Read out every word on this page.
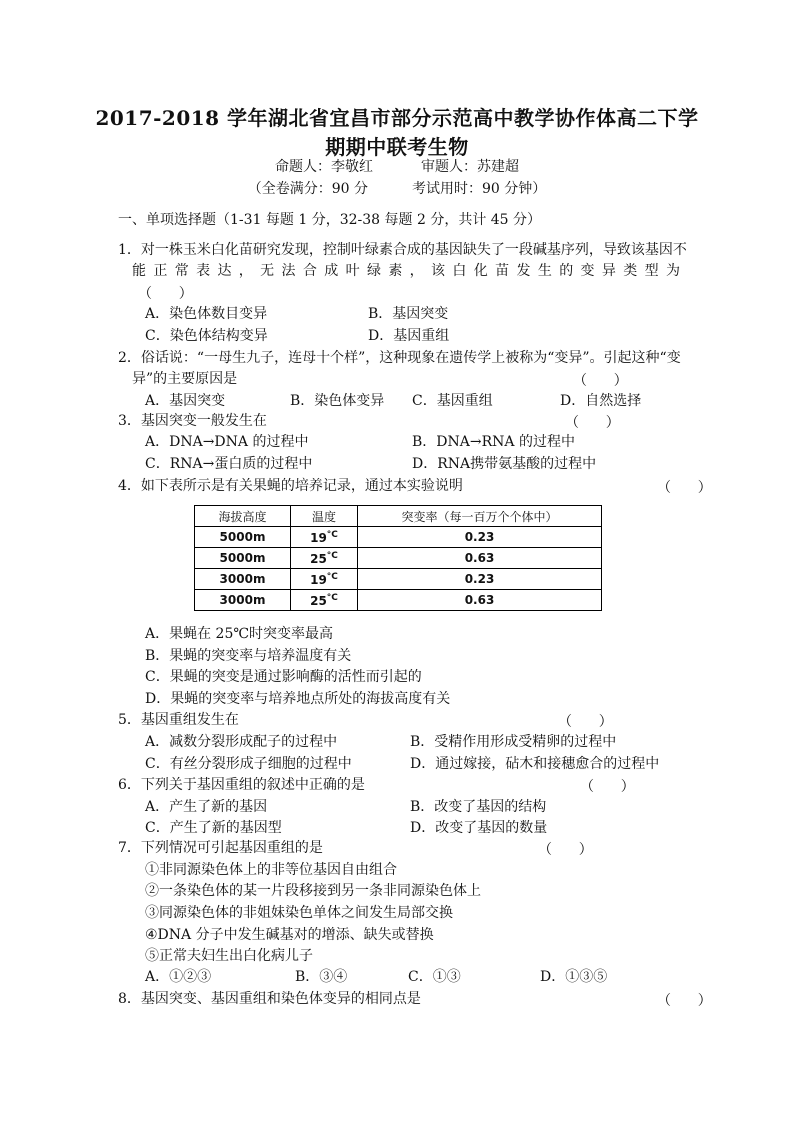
2017-2018 学年湖北省宜昌市部分示范高中教学协作体高二下学
期期中联考生物
命题人：李敬红	审题人：苏建超
（全卷满分：90 分	考试用时：90 分钟）
一、单项选择题（1-31 每题 1 分，32-38 每题 2 分，共计 45 分）
1．对一株玉米白化苗研究发现，控制叶绿素合成的基因缺失了一段碱基序列，导致该基因不
能正常表达，无法合成叶绿素，该白化苗发生的变异类型为
（      ）
A．染色体数目变异	B．基因突变
C．染色体结构变异	D．基因重组
2．俗话说：“一母生九子，连母十个样”，这种现象在遗传学上被称为“变异”。引起这种“变
异”的主要原因是	（      ）
A．基因突变	B．染色体变异 C．基因重组	D．自然选择
3．基因突变一般发生在	（      ）
A．DNA→DNA 的过程中	B．DNA→RNA 的过程中
C．RNA→蛋白质的过程中	D．RNA携带氨基酸的过程中
4．如下表所示是有关果蝇的培养记录，通过本实验说明	（      ）
海拔高度	温度	突变率（每一百万个个体中）
5000m	$19^{^\circ C}$	0.23
5000m	$25^{^\circ C}$	0.63
3000m	$19^{^\circ C}$	0.23
3000m	$25^{^\circ C}$	0.63
A．果蝇在 25℃时突变率最高
B．果蝇的突变率与培养温度有关
C．果蝇的突变是通过影响酶的活性而引起的
D．果蝇的突变率与培养地点所处的海拔高度有关
5．基因重组发生在	（      ）
A．减数分裂形成配子的过程中	B．受精作用形成受精卵的过程中
C．有丝分裂形成子细胞的过程中	D．通过嫁接，砧木和接穗愈合的过程中
6．下列关于基因重组的叙述中正确的是	（      ）
A．产生了新的基因	B．改变了基因的结构
C．产生了新的基因型	D．改变了基因的数量
7．下列情况可引起基因重组的是	（      ）
①非同源染色体上的非等位基因自由组合
②一条染色体的某一片段移接到另一条非同源染色体上
③同源染色体的非姐妹染色单体之间发生局部交换
④DNA 分子中发生碱基对的增添、缺失或替换
⑤正常夫妇生出白化病儿子
A．①②③	B．③④	C．①③	D．①③⑤
8．基因突变、基因重组和染色体变异的相同点是	（      ）
